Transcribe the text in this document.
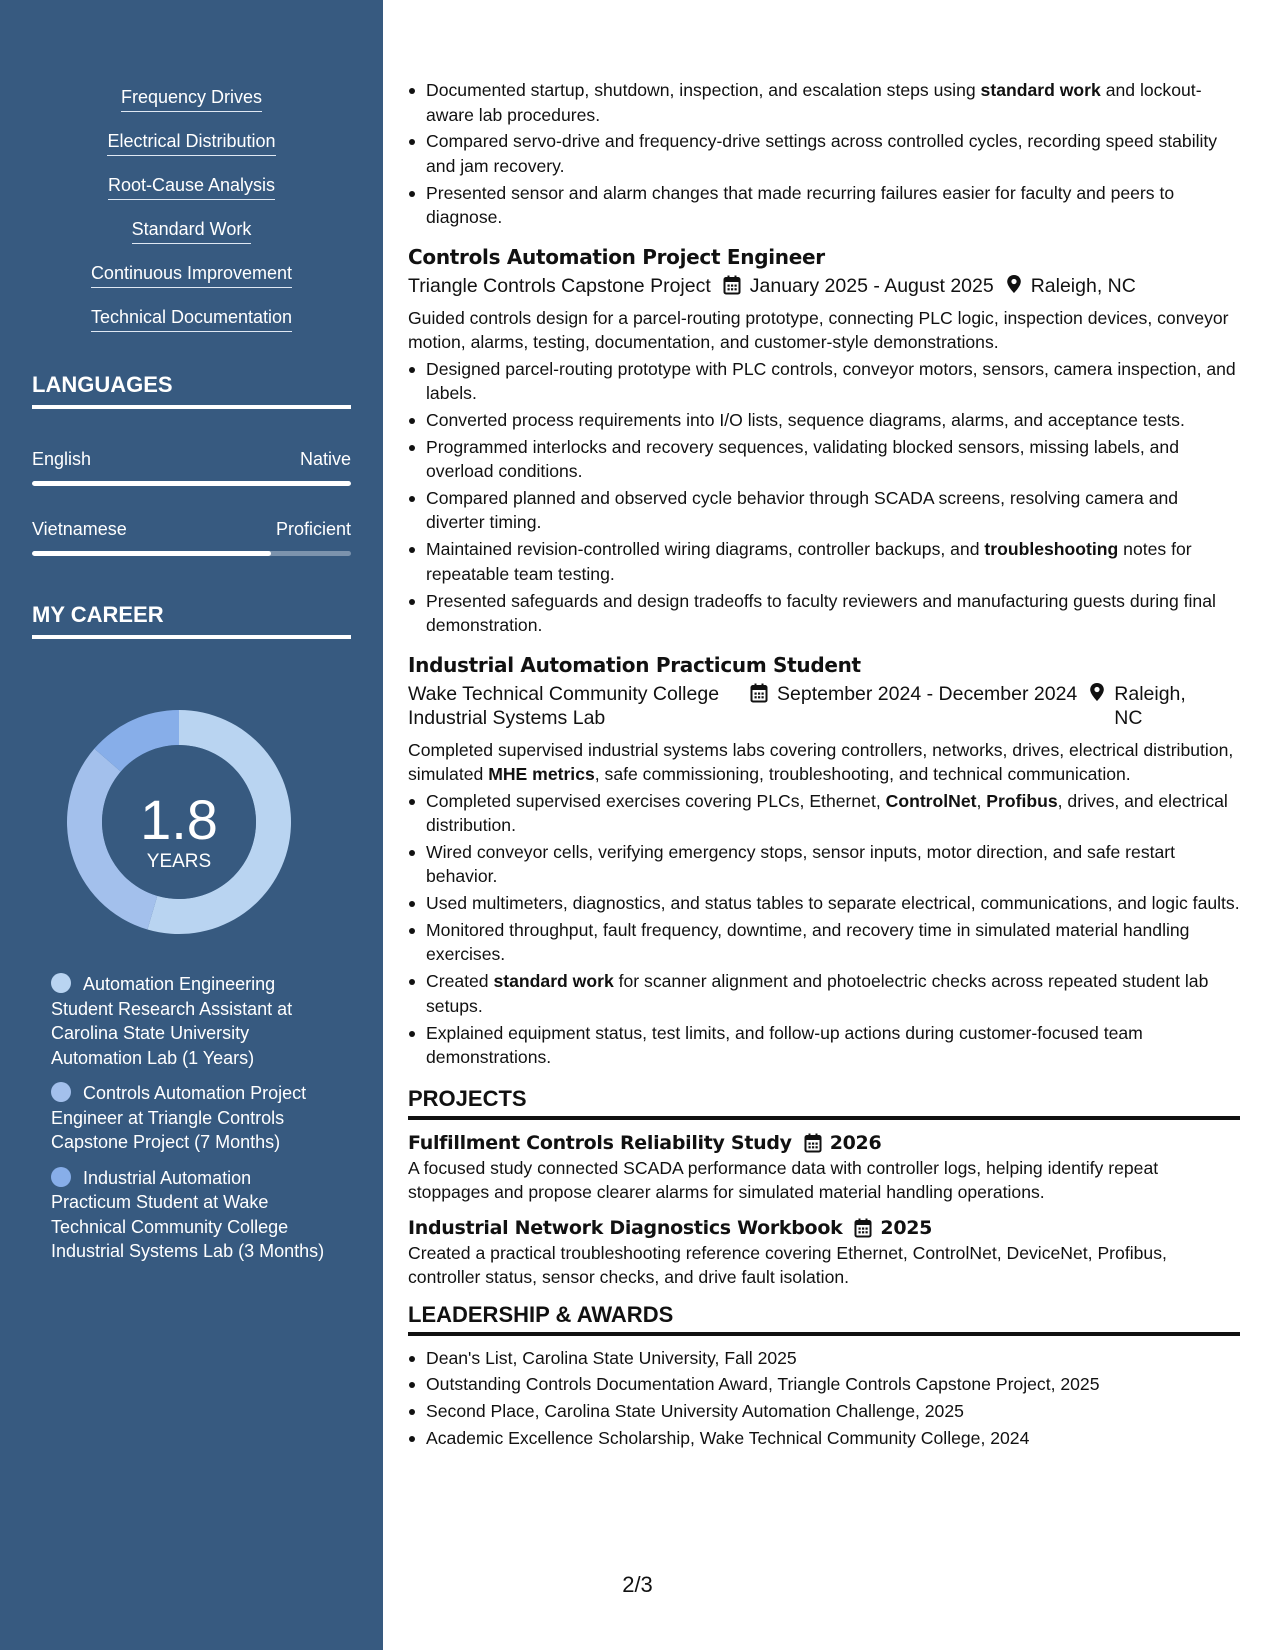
Frequency Drives
Electrical Distribution
Root-Cause Analysis
Standard Work
Continuous Improvement
Technical Documentation
LANGUAGES
English	Native
Vietnamese	Proficient
MY CAREER
1.8
YEARS
Automation Engineering Student Research Assistant at Carolina State University Automation Lab (1 Years)
Controls Automation Project Engineer at Triangle Controls Capstone Project (7 Months)
Industrial Automation Practicum Student at Wake Technical Community College Industrial Systems Lab (3 Months)
Documented startup, shutdown, inspection, and escalation steps using standard work and lockout-aware lab procedures.
Compared servo-drive and frequency-drive settings across controlled cycles, recording speed stability and jam recovery.
Presented sensor and alarm changes that made recurring failures easier for faculty and peers to diagnose.
Controls Automation Project Engineer
Triangle Controls Capstone Project	January 2025 - August 2025 Raleigh, NC
Guided controls design for a parcel-routing prototype, connecting PLC logic, inspection devices, conveyor motion, alarms, testing, documentation, and customer-style demonstrations.
Designed parcel-routing prototype with PLC controls, conveyor motors, sensors, camera inspection, and labels.
Converted process requirements into I/O lists, sequence diagrams, alarms, and acceptance tests.
Programmed interlocks and recovery sequences, validating blocked sensors, missing labels, and overload conditions.
Compared planned and observed cycle behavior through SCADA screens, resolving camera and diverter timing.
Maintained revision-controlled wiring diagrams, controller backups, and troubleshooting notes for repeatable team testing.
Presented safeguards and design tradeoffs to faculty reviewers and manufacturing guests during final demonstration.
Industrial Automation Practicum Student
Wake Technical Community College Industrial Systems Lab
September 2024 - December 2024 Raleigh, NC
Completed supervised industrial systems labs covering controllers, networks, drives, electrical distribution, simulated MHE metrics, safe commissioning, troubleshooting, and technical communication.
Completed supervised exercises covering PLCs, Ethernet, ControlNet, Profibus, drives, and electrical distribution.
Wired conveyor cells, verifying emergency stops, sensor inputs, motor direction, and safe restart behavior.
Used multimeters, diagnostics, and status tables to separate electrical, communications, and logic faults.
Monitored throughput, fault frequency, downtime, and recovery time in simulated material handling exercises.
Created standard work for scanner alignment and photoelectric checks across repeated student lab setups.
Explained equipment status, test limits, and follow-up actions during customer-focused team demonstrations.
PROJECTS
Fulfillment Controls Reliability Study 2026
A focused study connected SCADA performance data with controller logs, helping identify repeat stoppages and propose clearer alarms for simulated material handling operations.
Industrial Network Diagnostics Workbook 2025
Created a practical troubleshooting reference covering Ethernet, ControlNet, DeviceNet, Profibus, controller status, sensor checks, and drive fault isolation.
LEADERSHIP & AWARDS
Dean's List, Carolina State University, Fall 2025
Outstanding Controls Documentation Award, Triangle Controls Capstone Project, 2025
Second Place, Carolina State University Automation Challenge, 2025
Academic Excellence Scholarship, Wake Technical Community College, 2024
2/3
